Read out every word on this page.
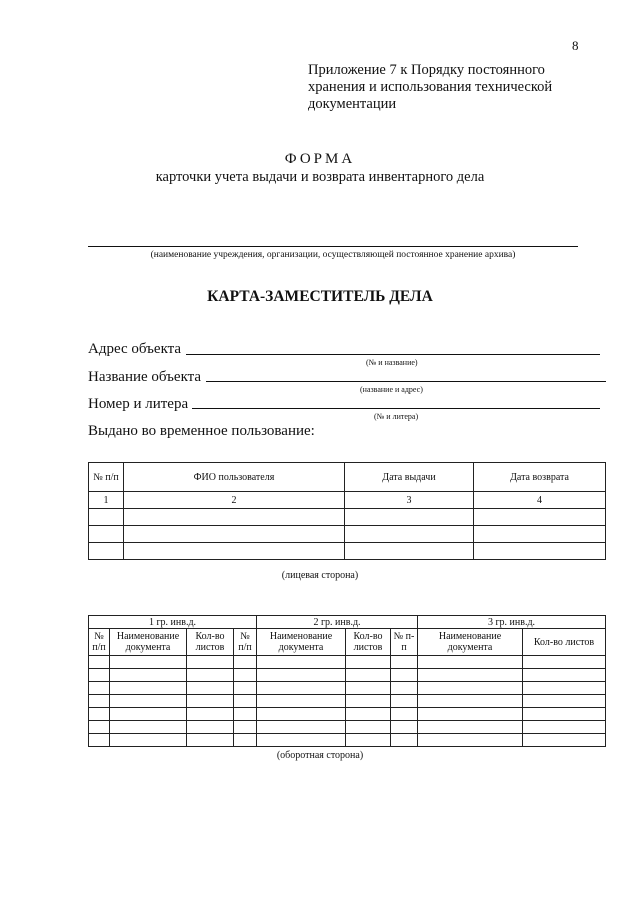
8
Приложение 7 к Порядку постоянного
хранения и использования технической
документации
ФОРМА
карточки учета выдачи и возврата инвентарного дела
(наименование учреждения, организации, осуществляющей постоянное хранение архива)
КАРТА-ЗАМЕСТИТЕЛЬ ДЕЛА
Адрес объекта
(№ и название)
Название объекта
(название и адрес)
Номер и литера
(№ и литера)
Выдано во временное пользование:
№ п/п	ФИО пользователя	Дата выдачи	Дата возврата
1	2	3	4

(лицевая сторона)
1 гр. инв.д.				2 гр. инв.д.			3 гр. инв.д.	
№ п/п	Наименование документа	Кол-во листов	№ п/п	Наименование документа	Кол-во листов	№ п-п	Наименование документа	Кол-во листов

(оборотная сторона)
